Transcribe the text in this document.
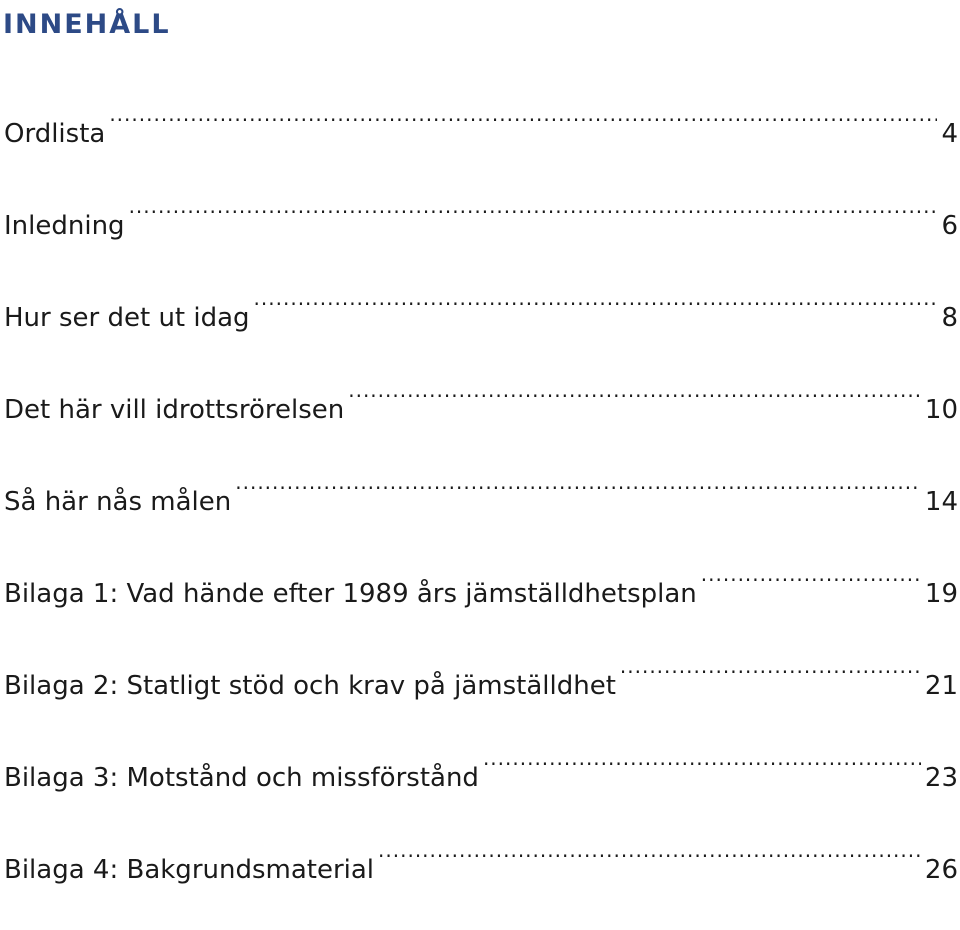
INNEHÅLL
Ordlista .....	4
Inledning .....	6
Hur ser det ut idag .....	8
Det här vill idrottsrörelsen .....	10
Så här nås målen .....	14
Bilaga 1: Vad hände efter 1989 års jämställdhetsplan .....	19
Bilaga 2: Statligt stöd och krav på jämställdhet .....	21
Bilaga 3: Motstånd och missförstånd .....	23
Bilaga 4: Bakgrundsmaterial .....	26
